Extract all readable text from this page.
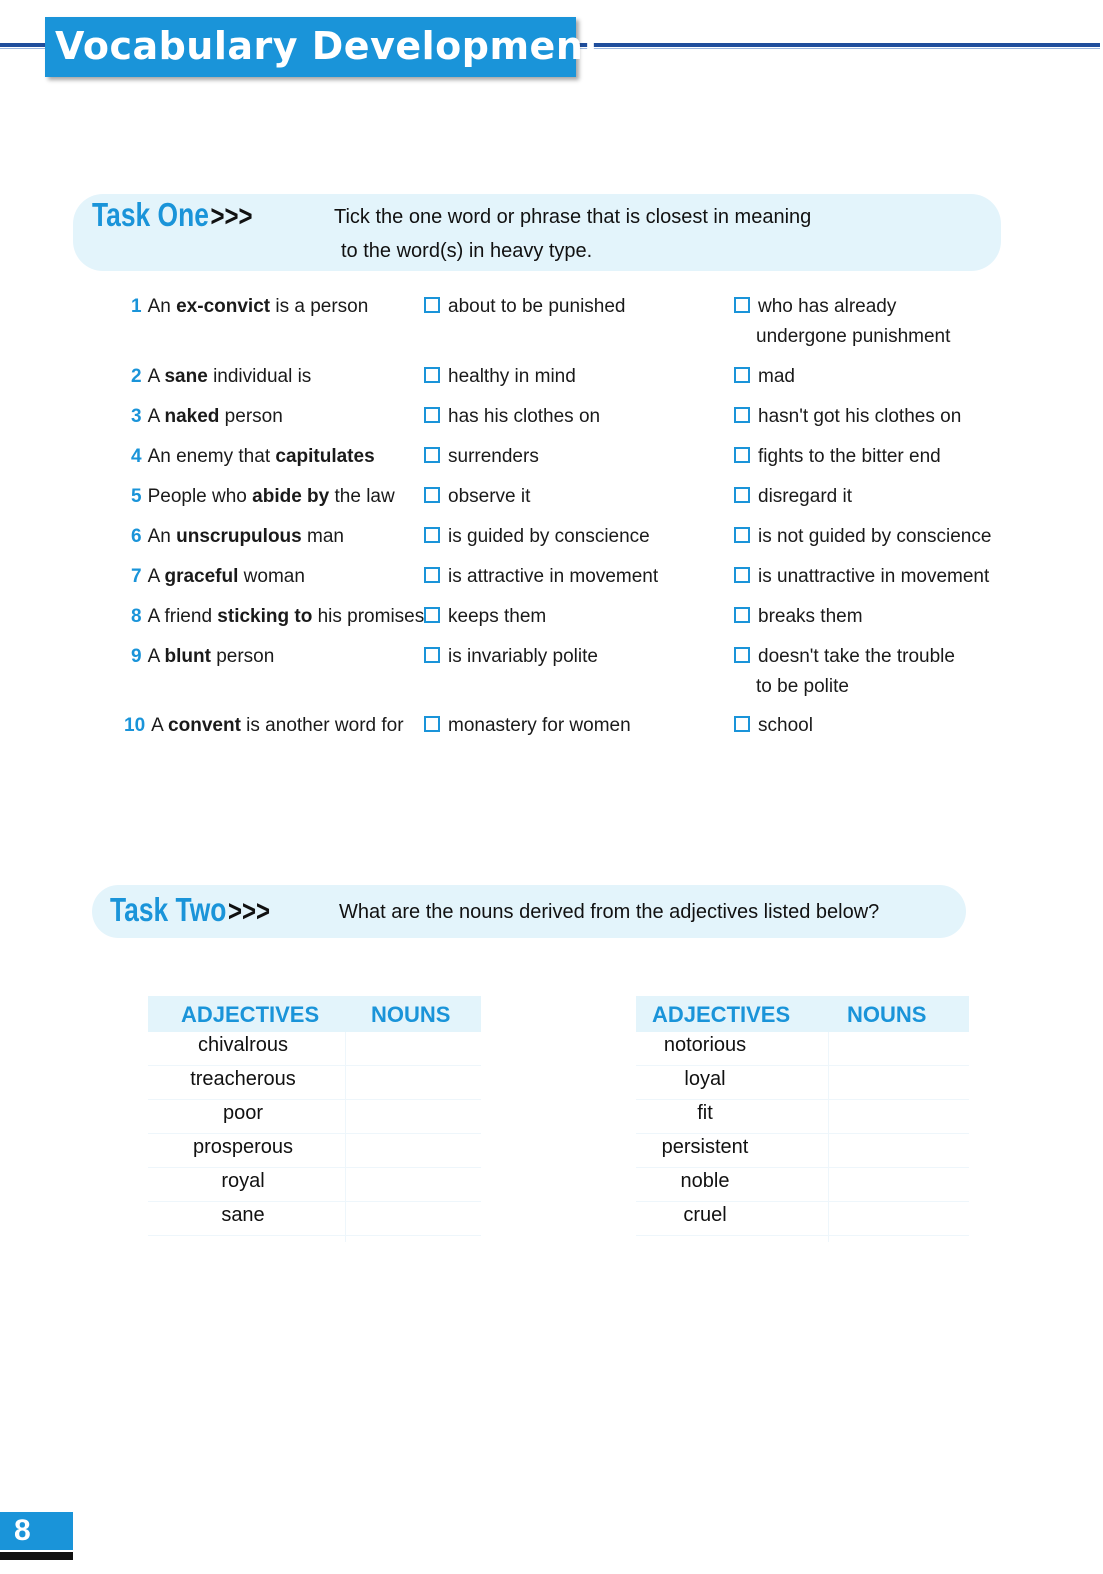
Vocabulary Development
Task One>>>	Tick the one word or phrase that is closest in meaning
to the word(s) in heavy type.
1 An ex-convict is a person	about to be punished	who has already
undergone punishment
2 A sane individual is	healthy in mind	mad
3 A naked person	has his clothes on	hasn't got his clothes on
4 An enemy that capitulates	surrenders	fights to the bitter end
5 People who abide by the law	observe it	disregard it
6 An unscrupulous man	is guided by conscience	is not guided by conscience
7 A graceful woman	is attractive in movement	is unattractive in movement
8 A friend sticking to his promises	keeps them	breaks them
9 A blunt person	is invariably polite	doesn't take the trouble
to be polite
10 A convent is another word for	monastery for women	school
Task Two>>>	What are the nouns derived from the adjectives listed below?
ADJECTIVES NOUNS
chivalrous
treacherous
poor
prosperous
royal
sane
ADJECTIVES	NOUNS
notorious
loyal
fit
persistent
noble
cruel
8
